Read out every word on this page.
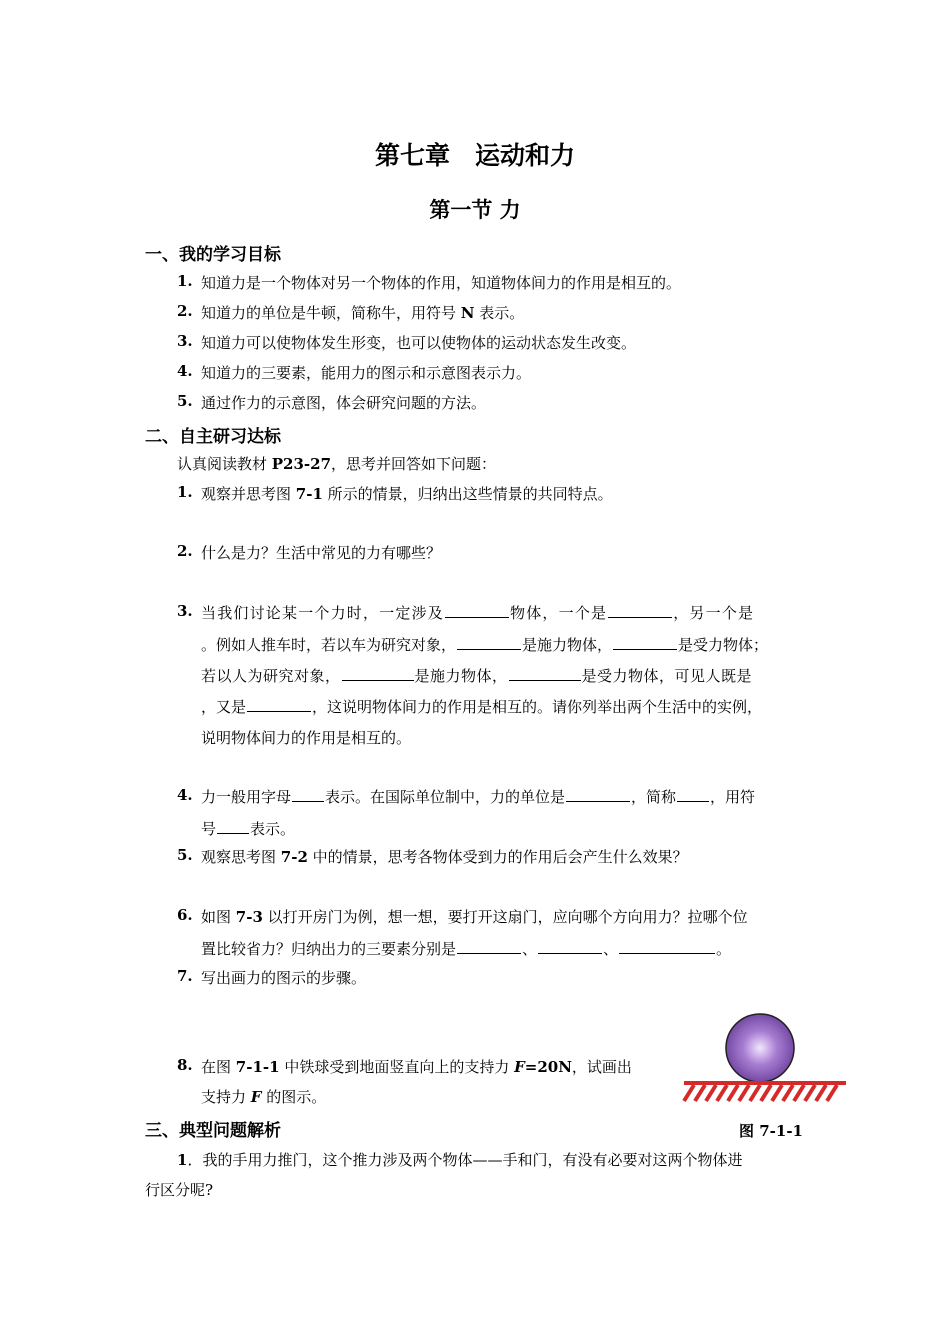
第七章　运动和力
第一节 力
一、我的学习目标
1. 知道力是一个物体对另一个物体的作用，知道物体间力的作用是相互的。
2. 知道力的单位是牛顿，简称牛，用符号 N 表示。
3. 知道力可以使物体发生形变，也可以使物体的运动状态发生改变。
4. 知道力的三要素，能用力的图示和示意图表示力。
5. 通过作力的示意图，体会研究问题的方法。
二、自主研习达标
认真阅读教材 P23-27，思考并回答如下问题：
1. 观察并思考图 7-1 所示的情景，归纳出这些情景的共同特点。
2. 什么是力？生活中常见的力有哪些？
3. 当我们讨论某一个力时，一定涉及	物体，一个是	，另一个是
。例如人推车时，若以车为研究对象，	是施力物体，	是受力物体；
若以人为研究对象，	是施力物体，	是受力物体，可见人既是
，又是	，这说明物体间力的作用是相互的。请你列举出两个生活中的实例，
说明物体间力的作用是相互的。
4. 力一般用字母 表示。在国际单位制中，力的单位是	，简称 ，用符
号 表示。
5. 观察思考图 7-2 中的情景，思考各物体受到力的作用后会产生什么效果？
6. 如图 7-3 以打开房门为例，想一想，要打开这扇门，应向哪个方向用力？拉哪个位
置比较省力？归纳出力的三要素分别是	、	、	。
7. 写出画力的图示的步骤。
8. 在图 7-1-1 中铁球受到地面竖直向上的支持力 F=20N，试画出
支持力 F 的图示。
图 7-1-1
三、典型问题解析
1．我的手用力推门，这个推力涉及两个物体——手和门，有没有必要对这两个物体进
行区分呢?
